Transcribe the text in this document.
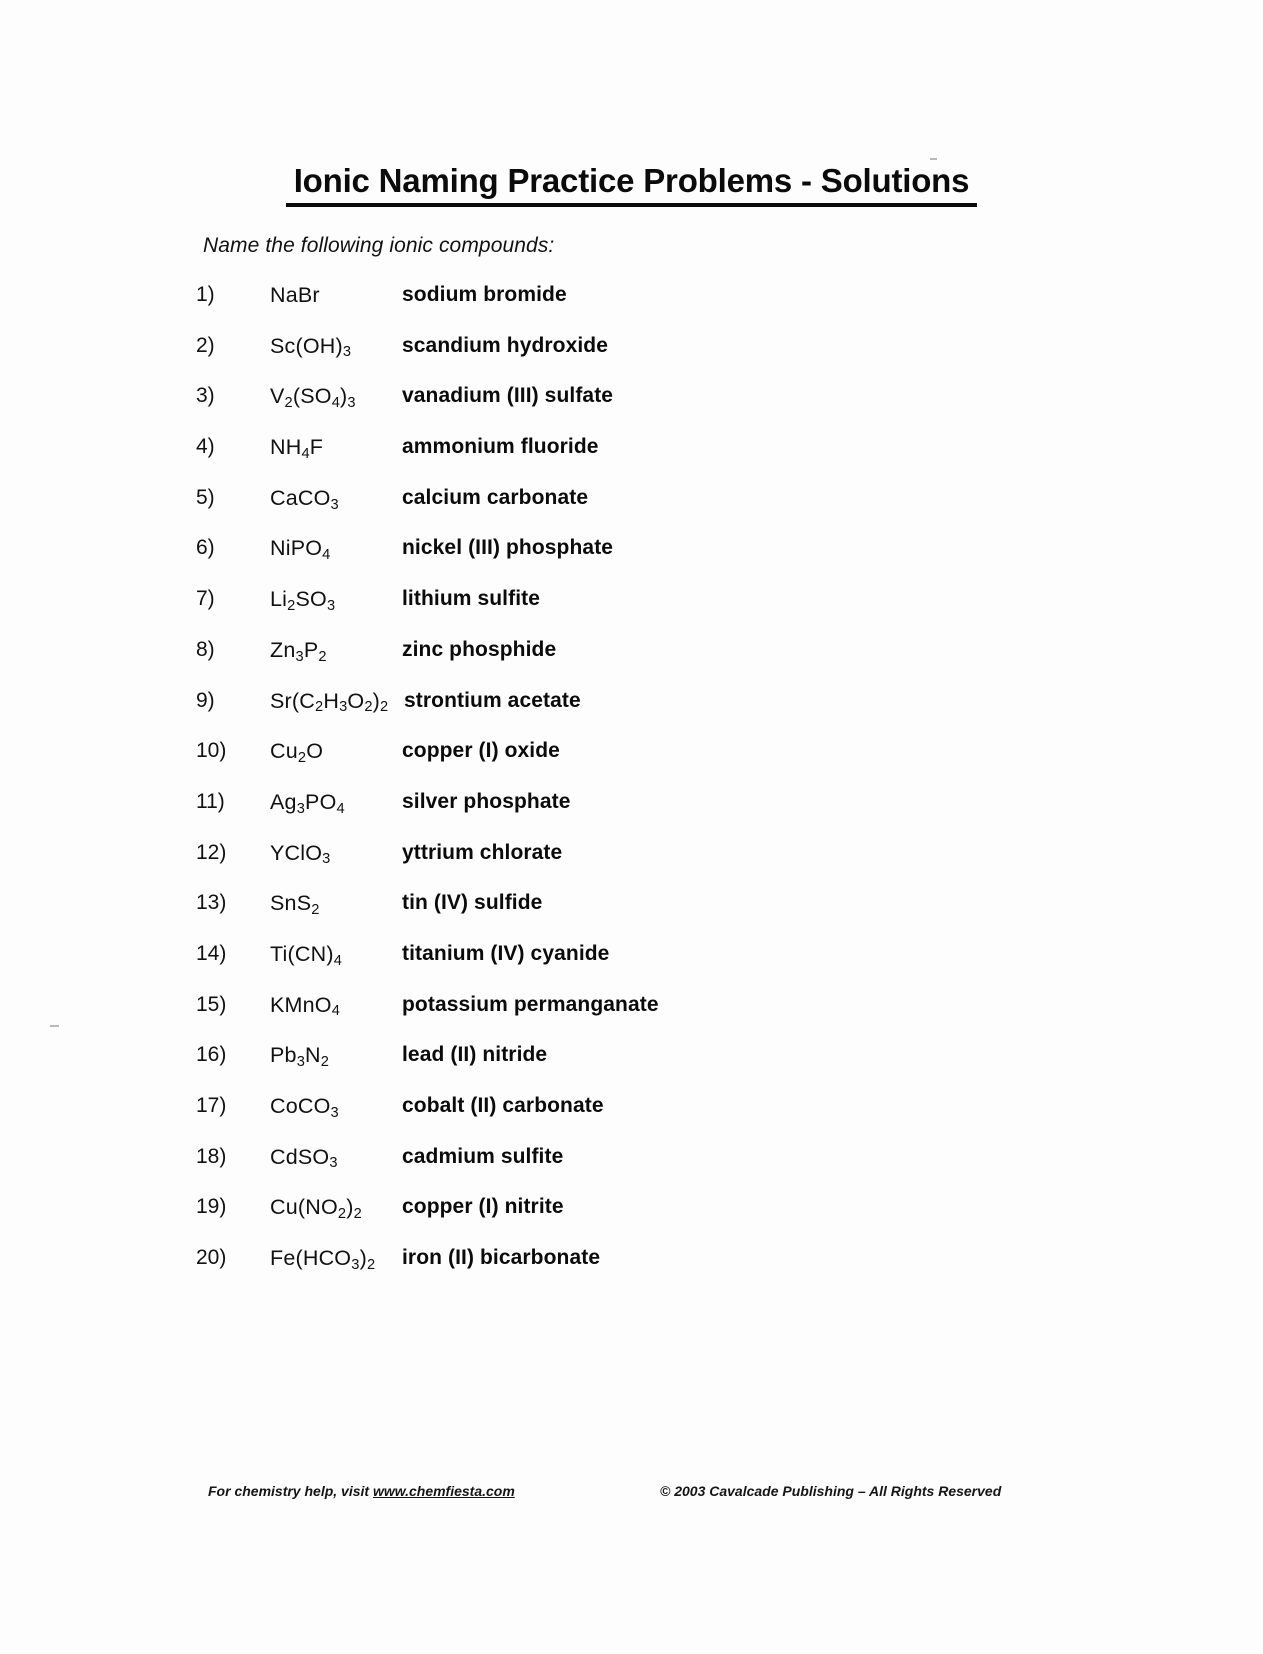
Ionic Naming Practice Problems - Solutions
Name the following ionic compounds:
1)	NaBr	sodium bromide
2)	$Sc(OH)_3$ scandium hydroxide
3)	$V_2(SO_4)_3$ vanadium (III) sulfate
4)	$NH_4F$	ammonium fluoride
5)	CaCO$_3$	calcium carbonate
6)	NiPO$_4$	nickel (III) phosphate
7)	$Li_2SO_3$	lithium sulfite
8)	$Zn_3P_2$	zinc phosphide
9)	$Sr(C_2H_3O_2)_2$ strontium acetate
10)	$Cu_2O$	copper (I) oxide
11)	$Ag_3PO_4$	silver phosphate
12)	YClO$_3$	yttrium chlorate
13)	SnS$_2$	tin (IV) sulfide
14)	$Ti(CN)_4$	titanium (IV) cyanide
15)	KMnO$_4$	potassium permanganate
16)	$Pb_3N_2$	lead (II) nitride
17)	CoCO$_3$	cobalt (II) carbonate
18)	CdSO$_3$	cadmium sulfite
19)	$Cu(NO_2)_2$ copper (I) nitrite
20)	$Fe(HCO_3)_2$ iron (II) bicarbonate
For chemistry help, visit www.chemfiesta.com	© 2003 Cavalcade Publishing – All Rights Reserved
